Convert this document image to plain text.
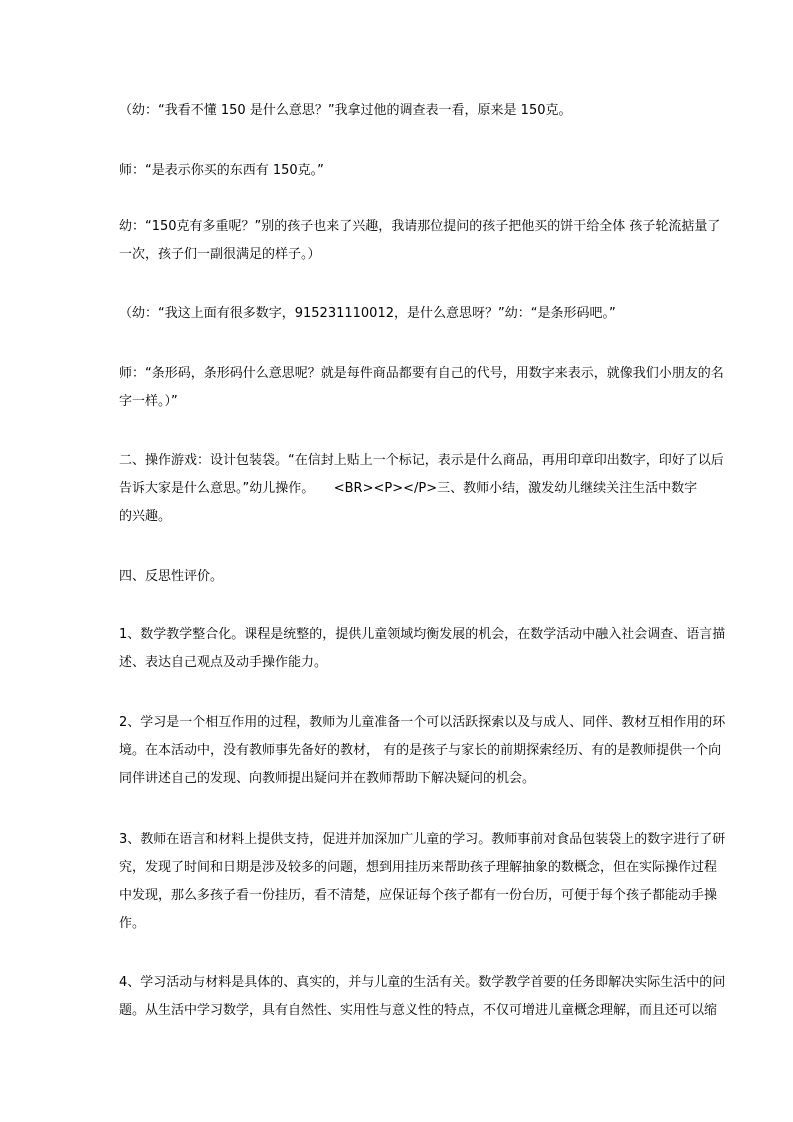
（幼：“我看不懂 150 是什么意思？”我拿过他的调查表一看，原来是 150克。

师：“是表示你买的东西有 150克。”

幼：“150克有多重呢？”别的孩子也来了兴趣，我请那位提问的孩子把他买的饼干给全体 孩子轮流掂量了
一次，孩子们一副很满足的样子。）

（幼：“我这上面有很多数字，915231110012，是什么意思呀？”幼：“是条形码吧。”

师：“条形码，条形码什么意思呢？就是每件商品都要有自己的代号，用数字来表示，就像我们小朋友的名
字一样。）”

二、操作游戏：设计包装袋。“在信封上贴上一个标记，表示是什么商品，再用印章印出数字，印好了以后
告诉大家是什么意思。”幼儿操作。　　<BR><P></P>三、教师小结，激发幼儿继续关注生活中数字
的兴趣。

四、反思性评价。

1、数学教学整合化。课程是统整的，提供儿童领域均衡发展的机会，在数学活动中融入社会调查、语言描
述、表达自己观点及动手操作能力。

2、学习是一个相互作用的过程，教师为儿童准备一个可以活跃探索以及与成人、同伴、教材互相作用的环
境。在本活动中，没有教师事先备好的教材， 有的是孩子与家长的前期探索经历、有的是教师提供一个向
同伴讲述自己的发现、向教师提出疑问并在教师帮助下解决疑问的机会。

3、教师在语言和材料上提供支持，促进并加深加广儿童的学习。教师事前对食品包装袋上的数字进行了研
究，发现了时间和日期是涉及较多的问题，想到用挂历来帮助孩子理解抽象的数概念，但在实际操作过程
中发现，那么多孩子看一份挂历，看不清楚，应保证每个孩子都有一份台历，可便于每个孩子都能动手操
作。

4、学习活动与材料是具体的、真实的，并与儿童的生活有关。数学教学首要的任务即解决实际生活中的问
题。从生活中学习数学，具有自然性、实用性与意义性的特点，不仅可增进儿童概念理解，而且还可以缩
